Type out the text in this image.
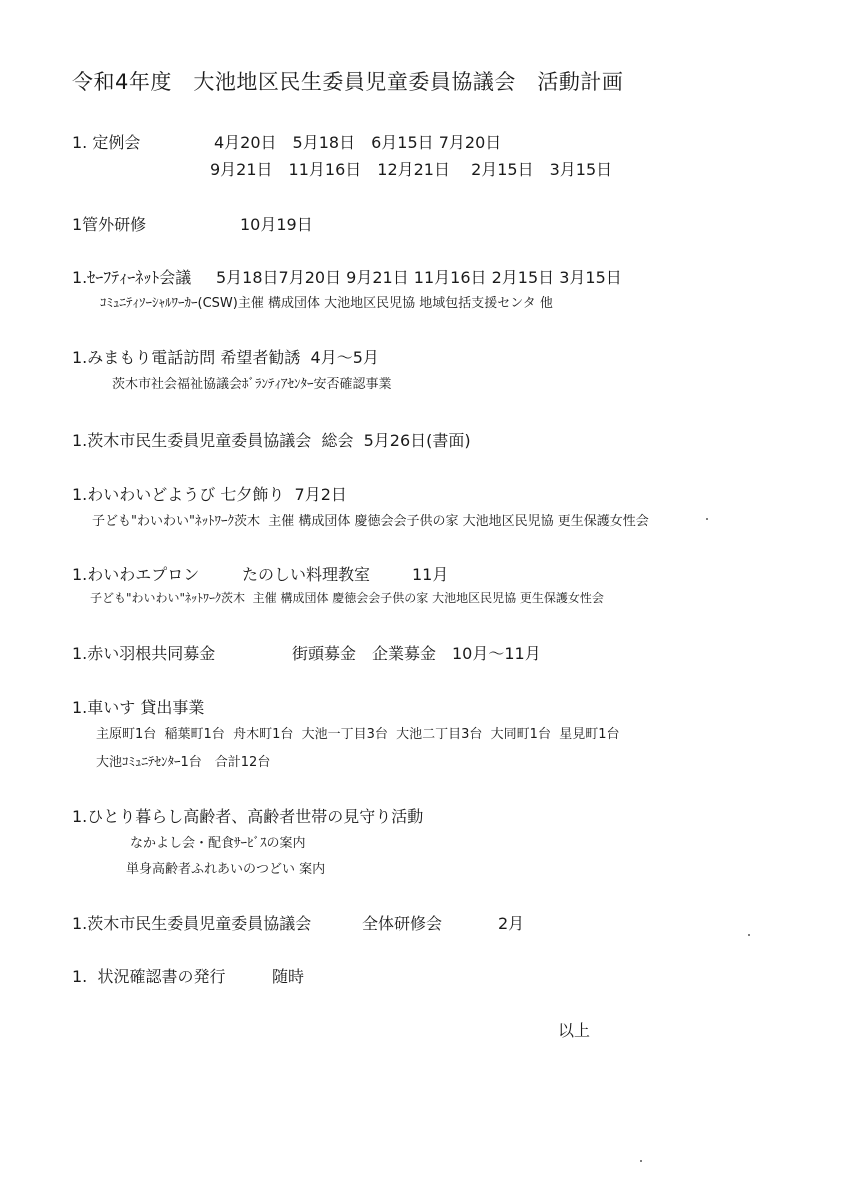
令和4年度　大池地区民生委員児童委員協議会　活動計画
1. 定例会	4月20日　5月18日　6月15日 7月20日
9月21日　11月16日　12月21日　 2月15日　3月15日
1管外研修	10月19日
1.ｾｰﾌﾃｨｰﾈｯﾄ会議 5月18日7月20日 9月21日 11月16日 2月15日 3月15日
ｺﾐｭﾆﾃｨｿｰｼｬﾙﾜｰｶｰ(CSW)主催 構成団体 大池地区民児協 地域包括支援センタ 他
1.みまもり電話訪問 希望者勧誘  4月～5月
茨木市社会福祉協議会ﾎﾞﾗﾝﾃｨｱｾﾝﾀｰ安否確認事業
1.茨木市民生委員児童委員協議会  総会  5月26日(書面)
1.わいわいどようび 七夕飾り  7月2日
子ども"わいわい"ﾈｯﾄﾜｰｸ茨木  主催 構成団体 慶徳会会子供の家 大池地区民児協 更生保護女性会
1.わいわエプロン	たのしい料理教室	11月
子ども"わいわい"ﾈｯﾄﾜｰｸ茨木  主催 構成団体 慶徳会会子供の家 大池地区民児協 更生保護女性会
1.赤い羽根共同募金	街頭募金　企業募金　10月～11月
1.車いす 貸出事業
主原町1台  稲葉町1台  舟木町1台  大池一丁目3台  大池二丁目3台  大同町1台  星見町1台
大池ｺﾐｭﾆﾃｾﾝﾀｰ1台　合計12台
1.ひとり暮らし高齢者、高齢者世帯の見守り活動
なかよし会・配食ｻｰﾋﾞｽの案内
単身高齢者ふれあいのつどい 案内
1.茨木市民生委員児童委員協議会	全体研修会	2月
1.  状況確認書の発行	随時
以上
